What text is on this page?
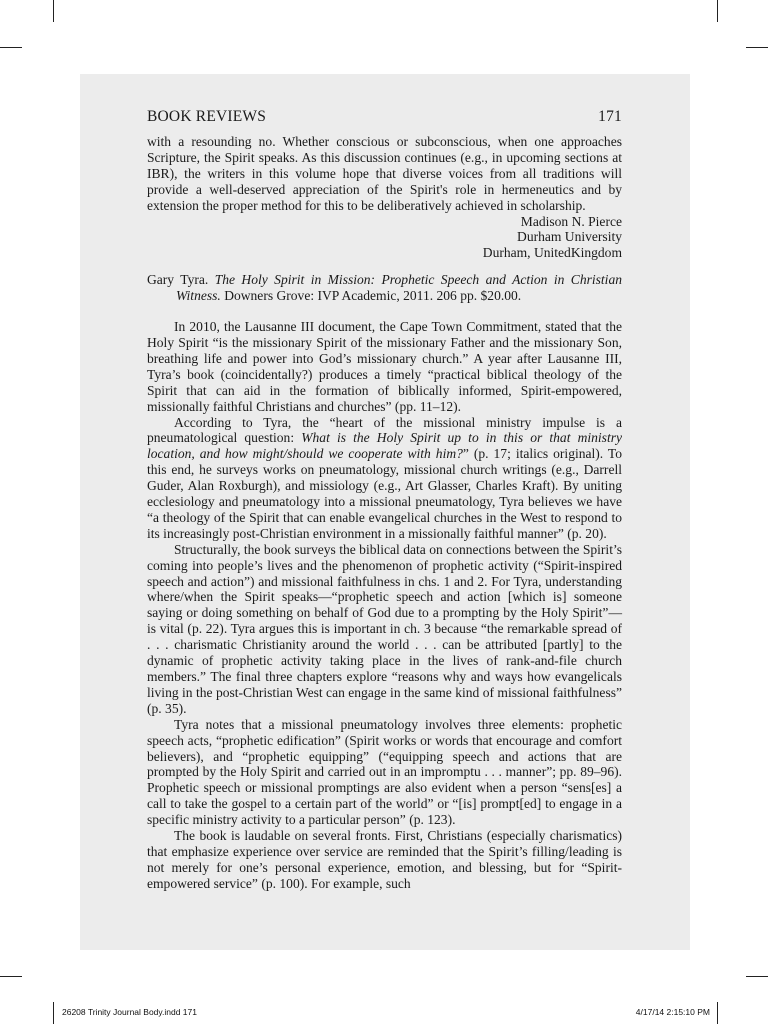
BOOK REVIEWS	171

with a resounding no. Whether conscious or subconscious, when one approaches Scripture, the Spirit speaks. As this discussion continues (e.g., in upcoming sections at IBR), the writers in this volume hope that diverse voices from all traditions will provide a well-deserved appreciation of the Spirit's role in hermeneutics and by extension the proper method for this to be deliberatively achieved in scholarship.

Madison N. Pierce
Durham University
Durham, UnitedKingdom
Gary Tyra. The Holy Spirit in Mission: Prophetic Speech and Action in Christian Witness. Downers Grove: IVP Academic, 2011. 206 pp. $20.00.

In 2010, the Lausanne III document, the Cape Town Commitment, stated that the Holy Spirit “is the missionary Spirit of the missionary Father and the missionary Son, breathing life and power into God’s missionary church.” A year after Lausanne III, Tyra’s book (coincidentally?) produces a timely “practical biblical theology of the Spirit that can aid in the formation of biblically informed, Spirit-empowered, missionally faithful Christians and churches” (pp. 11–12).

According to Tyra, the “heart of the missional ministry impulse is a pneumatological question: What is the Holy Spirit up to in this or that ministry location, and how might/should we cooperate with him?” (p. 17; italics original). To this end, he surveys works on pneumatology, missional church writings (e.g., Darrell Guder, Alan Roxburgh), and missiology (e.g., Art Glasser, Charles Kraft). By uniting ecclesiology and pneumatology into a missional pneumatology, Tyra believes we have “a theology of the Spirit that can enable evangelical churches in the West to respond to its increasingly post-Christian environment in a missionally faithful manner” (p. 20).

Structurally, the book surveys the biblical data on connections between the Spirit’s coming into people’s lives and the phenomenon of prophetic activity (“Spirit-inspired speech and action”) and missional faithfulness in chs. 1 and 2. For Tyra, understanding where/when the Spirit speaks—“prophetic speech and action [which is] someone saying or doing something on behalf of God due to a prompting by the Holy Spirit”—is vital (p. 22). Tyra argues this is important in ch. 3 because “the remarkable spread of . . . charismatic Christianity around the world . . . can be attributed [partly] to the dynamic of prophetic activity taking place in the lives of rank-and-file church members.” The final three chapters explore “reasons why and ways how evangelicals living in the post-Christian West can engage in the same kind of missional faithfulness” (p. 35).

Tyra notes that a missional pneumatology involves three elements: prophetic speech acts, “prophetic edification” (Spirit works or words that encourage and comfort believers), and “prophetic equipping” (“equipping speech and actions that are prompted by the Holy Spirit and carried out in an impromptu . . . manner”; pp. 89–96). Prophetic speech or missional promptings are also evident when a person “sens[es] a call to take the gospel to a certain part of the world” or “[is] prompt[ed] to engage in a specific ministry activity to a particular person” (p. 123).

The book is laudable on several fronts. First, Christians (especially charismatics) that emphasize experience over service are reminded that the Spirit’s filling/leading is not merely for one’s personal experience, emotion, and blessing, but for “Spirit-empowered service” (p. 100). For example, such

26208 Trinity Journal Body.indd 171	4/17/14 2:15:10 PM
